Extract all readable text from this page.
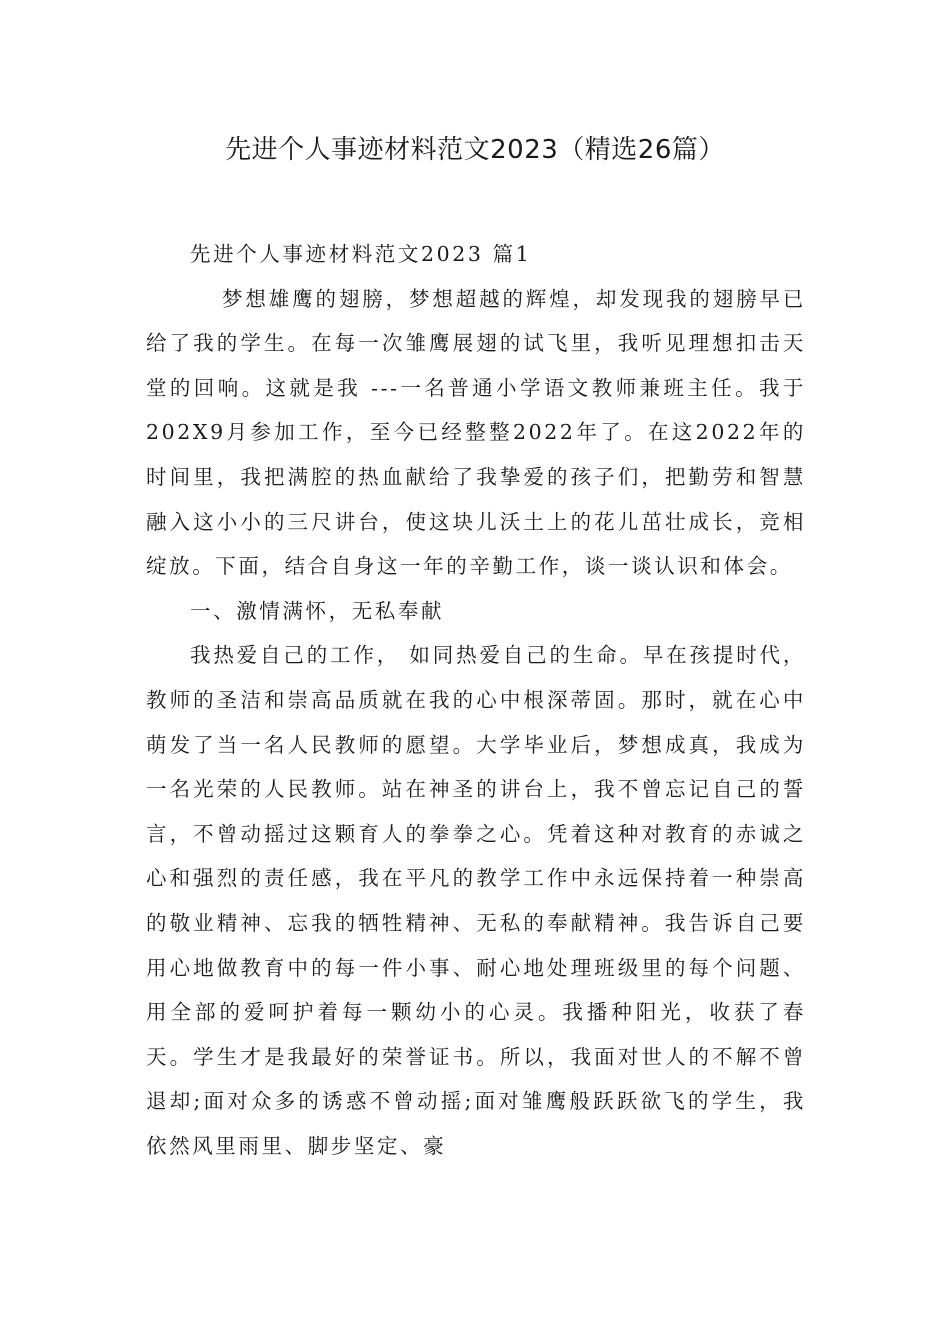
先进个人事迹材料范文2023（精选26篇）

先进个人事迹材料范文2023 篇1

梦想雄鹰的翅膀，梦想超越的辉煌，却发现我的翅膀早已给了我的学生。在每一次雏鹰展翅的试飞里，我听见理想扣击天堂的回响。这就是我 ---一名普通小学语文教师兼班主任。我于202X9月参加工作，至今已经整整2022年了。在这2022年的时间里，我把满腔的热血献给了我挚爱的孩子们，把勤劳和智慧融入这小小的三尺讲台，使这块儿沃土上的花儿茁壮成长，竞相绽放。下面，结合自身这一年的辛勤工作，谈一谈认识和体会。

一、激情满怀，无私奉献

我热爱自己的工作， 如同热爱自己的生命。早在孩提时代，教师的圣洁和崇高品质就在我的心中根深蒂固。那时，就在心中萌发了当一名人民教师的愿望。大学毕业后，梦想成真，我成为一名光荣的人民教师。站在神圣的讲台上，我不曾忘记自己的誓言，不曾动摇过这颗育人的拳拳之心。凭着这种对教育的赤诚之心和强烈的责任感，我在平凡的教学工作中永远保持着一种崇高的敬业精神、忘我的牺牲精神、无私的奉献精神。我告诉自己要用心地做教育中的每一件小事、耐心地处理班级里的每个问题、用全部的爱呵护着每一颗幼小的心灵。我播种阳光，收获了春天。学生才是我最好的荣誉证书。所以，我面对世人的不解不曾退却;面对众多的诱惑不曾动摇;面对雏鹰般跃跃欲飞的学生，我依然风里雨里、脚步坚定、豪
